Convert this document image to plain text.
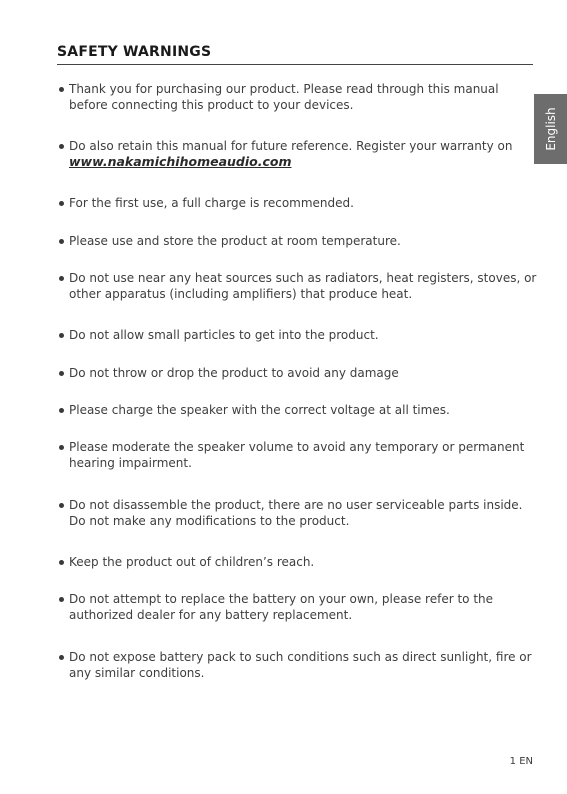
SAFETY WARNINGS
English
Thank you for purchasing our product. Please read through this manual before connecting this product to your devices.
Do also retain this manual for future reference. Register your warranty on
www.nakamichihomeaudio.com
For the first use, a full charge is recommended.
Please use and store the product at room temperature.
Do not use near any heat sources such as radiators, heat registers, stoves, or other apparatus (including amplifiers) that produce heat.
Do not allow small particles to get into the product.
Do not throw or drop the product to avoid any damage
Please charge the speaker with the correct voltage at all times.
Please moderate the speaker volume to avoid any temporary or permanent hearing impairment.
Do not disassemble the product, there are no user serviceable parts inside. Do not make any modifications to the product.
Keep the product out of children’s reach.
Do not attempt to replace the battery on your own, please refer to the authorized dealer for any battery replacement.
Do not expose battery pack to such conditions such as direct sunlight, fire or any similar conditions.
1 EN
